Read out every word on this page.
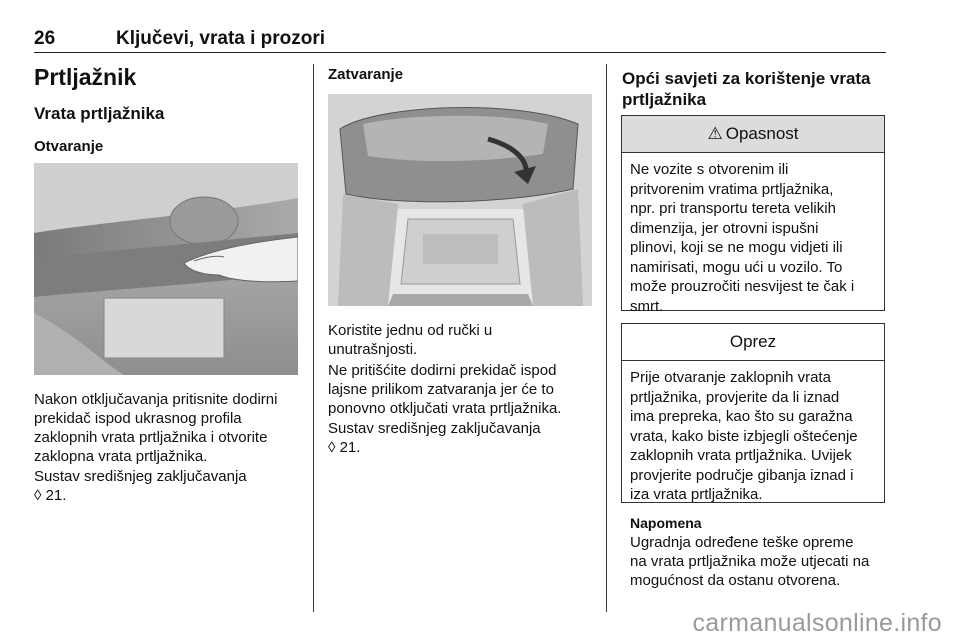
26	Ključevi, vrata i prozori
Prtljažnik
Vrata prtljažnika
Otvaranje
Nakon otključavanja pritisnite dodirni
prekidač ispod ukrasnog profila
zaklopnih vrata prtljažnika i otvorite
zaklopna vrata prtljažnika.
Sustav središnjeg zaključavanja
◊ 21.
Zatvaranje
Koristite jednu od ručki u
unutrašnjosti.
Ne pritišćite dodirni prekidač ispod
lajsne prilikom zatvaranja jer će to
ponovno otključati vrata prtljažnika.
Sustav središnjeg zaključavanja
◊ 21.
Opći savjeti za korištenje vrata
prtljažnika
⚠ Opasnost
Ne vozite s otvorenim ili
pritvorenim vratima prtljažnika,
npr. pri transportu tereta velikih
dimenzija, jer otrovni ispušni
plinovi, koji se ne mogu vidjeti ili
namirisati, mogu ući u vozilo. To
može prouzročiti nesvijest te čak i
smrt.
Oprez
Prije otvaranje zaklopnih vrata
prtljažnika, provjerite da li iznad
ima prepreka, kao što su garažna
vrata, kako biste izbjegli oštećenje
zaklopnih vrata prtljažnika. Uvijek
provjerite područje gibanja iznad i
iza vrata prtljažnika.
Napomena
Ugradnja određene teške opreme
na vrata prtljažnika može utjecati na
mogućnost da ostanu otvorena.
carmanualsonline.info
